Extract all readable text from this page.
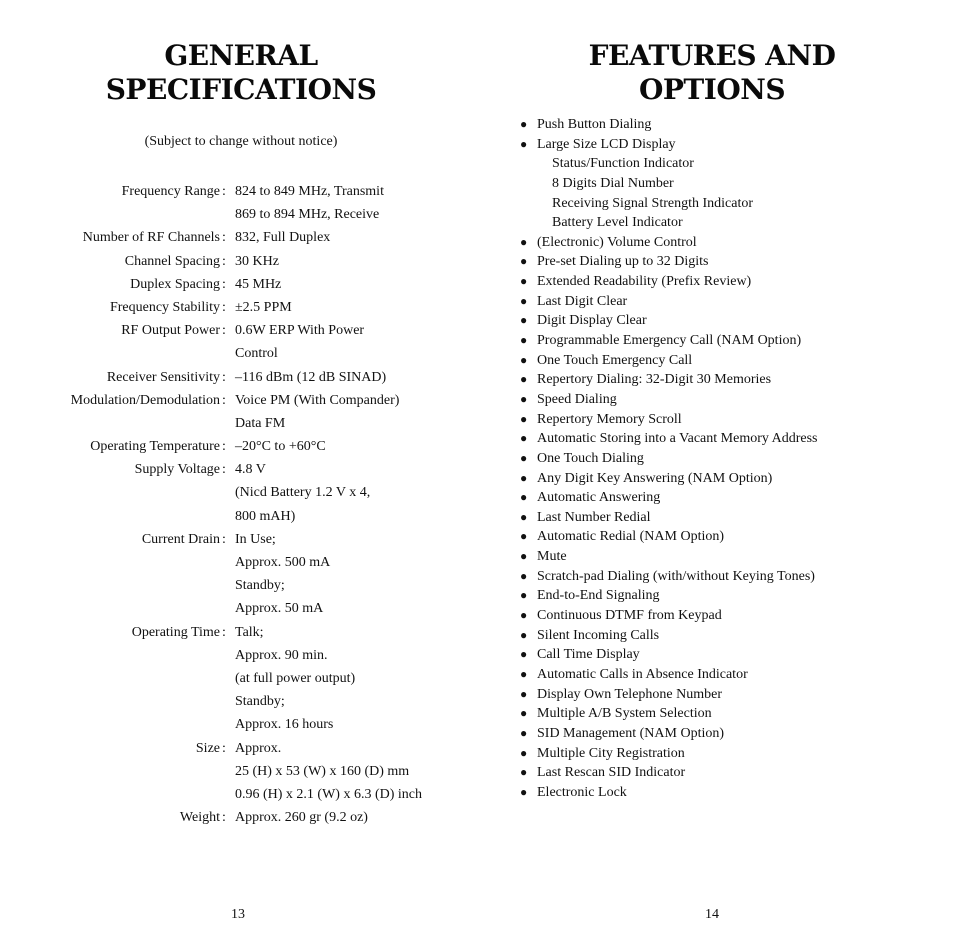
GENERAL
SPECIFICATIONS
(Subject to change without notice)
Frequency Range : 824 to 849 MHz, Transmit
869 to 894 MHz, Receive
Number of RF Channels : 832, Full Duplex
Channel Spacing : 30 KHz
Duplex Spacing : 45 MHz
Frequency Stability : ±2.5 PPM
RF Output Power : 0.6W ERP With Power
Control
Receiver Sensitivity : –116 dBm (12 dB SINAD)
Modulation/Demodulation : Voice PM (With Compander)
Data FM
Operating Temperature : –20°C to +60°C
Supply Voltage : 4.8 V
(Nicd Battery 1.2 V x 4,
800 mAH)
Current Drain : In Use;
Approx. 500 mA
Standby;
Approx. 50 mA
Operating Time : Talk;
Approx. 90 min.
(at full power output)
Standby;
Approx. 16 hours
Size : Approx.
25 (H) x 53 (W) x 160 (D) mm
0.96 (H) x 2.1 (W) x 6.3 (D) inch
Weight : Approx. 260 gr (9.2 oz)
13
FEATURES AND
OPTIONS
● Push Button Dialing
● Large Size LCD Display
Status/Function Indicator
8 Digits Dial Number
Receiving Signal Strength Indicator
Battery Level Indicator
● (Electronic) Volume Control
● Pre-set Dialing up to 32 Digits
● Extended Readability (Prefix Review)
● Last Digit Clear
● Digit Display Clear
● Programmable Emergency Call (NAM Option)
● One Touch Emergency Call
● Repertory Dialing: 32-Digit 30 Memories
● Speed Dialing
● Repertory Memory Scroll
● Automatic Storing into a Vacant Memory Address
● One Touch Dialing
● Any Digit Key Answering (NAM Option)
● Automatic Answering
● Last Number Redial
● Automatic Redial (NAM Option)
● Mute
● Scratch-pad Dialing (with/without Keying Tones)
● End-to-End Signaling
● Continuous DTMF from Keypad
● Silent Incoming Calls
● Call Time Display
● Automatic Calls in Absence Indicator
● Display Own Telephone Number
● Multiple A/B System Selection
● SID Management (NAM Option)
● Multiple City Registration
● Last Rescan SID Indicator
● Electronic Lock
14
